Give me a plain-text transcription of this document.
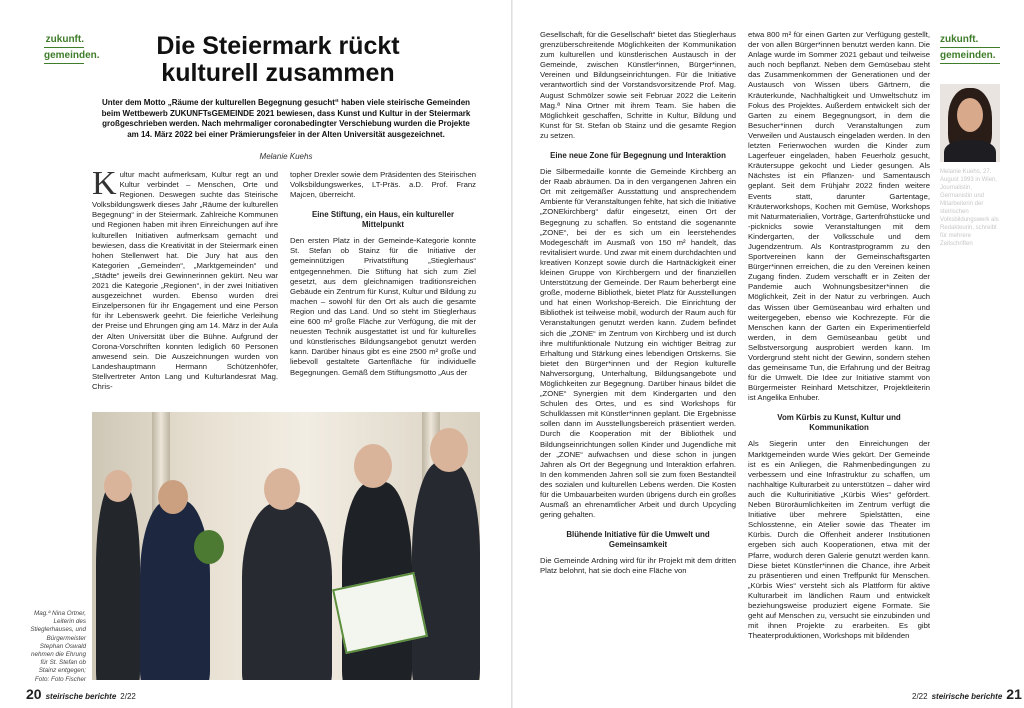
zukunft.
gemeinden.
zukunft.
gemeinden.
Die Steiermark rückt kulturell zusammen

Unter dem Motto „Räume der kulturellen Begegnung gesucht“ haben viele steirische Gemeinden beim Wettbewerb ZUKUNFTsGEMEINDE 2021 bewiesen, dass Kunst und Kultur in der Steiermark großgeschrieben werden. Nach mehrmaliger coronabedingter Verschiebung wurden die Projekte am 14. März 2022 bei einer Prämierungsfeier in der Alten Universität ausgezeichnet.

Melanie Kuehs

Kultur macht aufmerksam, Kultur regt an und Kultur verbindet – Menschen, Orte und Regionen. Deswegen suchte das Steirische Volksbildungswerk dieses Jahr „Räume der kulturellen Begegnung“ in der Steiermark. Zahlreiche Kommunen und Regionen haben mit ihren Einreichungen auf ihre kulturellen Initiativen aufmerksam gemacht und bewiesen, dass die Kreativität in der Steiermark einen hohen Stellenwert hat. Die Jury hat aus den Kategorien „Gemeinden“, „Marktgemeinden“ und „Städte“ jeweils drei Gewinnerinnen gekürt. Neu war 2021 die Kategorie „Regionen“, in der zwei Initiativen ausgezeichnet wurden. Ebenso wurden drei Einzelpersonen für ihr Engagement und eine Person für ihr Lebenswerk geehrt. Die feierliche Verleihung der Preise und Ehrungen ging am 14. März in der Aula der Alten Universität über die Bühne. Aufgrund der Corona-Vorschriften konnten lediglich 60 Personen anwesend sein. Die Auszeichnungen wurden von Landeshauptmann Hermann Schützenhöfer, Stellvertreter Anton Lang und Kulturlandesrat Mag. Chris-

topher Drexler sowie dem Präsidenten des Steirischen Volksbildungswerkes, LT-Präs. a.D. Prof. Franz Majcen, überreicht.

Eine Stiftung, ein Haus, ein kultureller Mittelpunkt

Den ersten Platz in der Gemeinde-Kategorie konnte St. Stefan ob Stainz für die Initiative der gemeinnützigen Privatstiftung „Stieglerhaus“ entgegennehmen. Die Stiftung hat sich zum Ziel gesetzt, aus dem gleichnamigen traditionsreichen Gebäude ein Zentrum für Kunst, Kultur und Bildung zu machen – sowohl für den Ort als auch die gesamte Region und das Land. Und so steht im Stieglerhaus eine 600 m² große Fläche zur Verfügung, die mit der neuesten Technik ausgestattet ist und für kulturelles und künstlerisches Bildungsangebot genutzt werden kann. Darüber hinaus gibt es eine 2500 m² große und liebevoll gestaltete Gartenfläche für individuelle Begegnungen. Gemäß dem Stiftungsmotto „Aus der

Mag.ª Nina Ortner, Leiterin des Stieglerhauses, und Bürgermeister Stephan Oswald nehmen die Ehrung für St. Stefan ob Stainz entgegen; Foto: Foto Fischer

Gesellschaft, für die Gesellschaft“ bietet das Stieglerhaus grenzüberschreitende Möglichkeiten der Kommunikation zum kulturellen und künstlerischen Austausch in der Gemeinde, zwischen Künstler*innen, Bürger*innen, Vereinen und Bildungseinrichtungen. Für die Initiative verantwortlich sind der Vorstandsvorsitzende Prof. Mag. August Schmölzer sowie seit Februar 2022 die Leiterin Mag.ª Nina Ortner mit ihrem Team. Sie haben die Möglichkeit geschaffen, Schritte in Kultur, Bildung und Kunst für St. Stefan ob Stainz und die gesamte Region zu setzen.

Eine neue Zone für Begegnung und Interaktion

Die Silbermedaille konnte die Gemeinde Kirchberg an der Raab abräumen. Da in den vergangenen Jahren ein Ort mit zeitgemäßer Ausstattung und ansprechendem Ambiente für Veranstaltungen fehlte, hat sich die Initiative „ZONEkirchberg“ dafür eingesetzt, einen Ort der Begegnung zu schaffen. So entstand die sogenannte „ZONE“, bei der es sich um ein leerstehendes Modegeschäft im Ausmaß von 150 m² handelt, das revitalisiert wurde. Und zwar mit einem durchdachten und kreativen Konzept sowie durch die Hartnäckigkeit einer kleinen Gruppe von Kirchbergern und der finanziellen Unterstützung der Gemeinde. Der Raum beherbergt eine große, moderne Bibliothek, bietet Platz für Ausstellungen und hat einen Workshop-Bereich. Die Einrichtung der Bibliothek ist teilweise mobil, wodurch der Raum auch für Veranstaltungen genutzt werden kann. Zudem befindet sich die „ZONE“ im Zentrum von Kirchberg und ist durch ihre multifunktionale Nutzung ein wichtiger Beitrag zur Erhaltung und Stärkung eines lebendigen Ortskerns. Sie bietet den Bürger*innen und der Region kulturelle Nahversorgung, Unterhaltung, Bildungsangebote und Möglichkeiten zur Begegnung. Darüber hinaus bildet die „ZONE“ Synergien mit dem Kindergarten und den Schulen des Ortes, und es sind Workshops für Schulklassen mit Künstler*innen geplant. Die Ergebnisse sollen dann im Ausstellungsbereich präsentiert werden. Durch die Kooperation mit der Bibliothek und Bildungseinrichtungen sollen Kinder und Jugendliche mit der „ZONE“ aufwachsen und diese schon in jungen Jahren als Ort der Begegnung und Interaktion erfahren. In den kommenden Jahren soll sie zum fixen Bestandteil des sozialen und kulturellen Lebens werden. Die Kosten für die Umbauarbeiten wurden übrigens durch ein großes Ausmaß an ehrenamtlicher Arbeit und durch Upcycling gering gehalten.

Blühende Initiative für die Umwelt und Gemeinsamkeit

Die Gemeinde Ardning wird für ihr Projekt mit dem dritten Platz belohnt, hat sie doch eine Fläche von

etwa 800 m² für einen Garten zur Verfügung gestellt, der von allen Bürger*innen benutzt werden kann. Die Anlage wurde im Sommer 2021 gebaut und teilweise auch noch bepflanzt. Neben dem Gemüsebau steht das Zusammenkommen der Generationen und der Austausch von Wissen übers Gärtnern, die Kräuterkunde, Nachhaltigkeit und Umweltschutz im Fokus des Projektes. Außerdem entwickelt sich der Garten zu einem Begegnungsort, in dem die Besucher*innen durch Veranstaltungen zum Verweilen und Austausch eingeladen werden. In den letzten Ferienwochen wurden die Kinder zum Lagerfeuer eingeladen, haben Feuerholz gesucht, Kräutersuppe gekocht und Lieder gesungen. Als Nächstes ist ein Pflanzen- und Samentausch geplant. Seit dem Frühjahr 2022 finden weitere Events statt, darunter Gartentage, Kräuterworkshops, Kochen mit Gemüse, Workshops mit Naturmaterialien, Vorträge, Gartenfrühstücke und -picknicks sowie Veranstaltungen mit dem Kindergarten, der Volksschule und dem Jugendzentrum. Als Kontrastprogramm zu den Sportvereinen kann der Gemeinschaftsgarten Bürger*innen erreichen, die zu den Vereinen keinen Zugang finden. Zudem verschafft er in Zeiten der Pandemie auch Wohnungsbesitzer*innen die Möglichkeit, Zeit in der Natur zu verbringen. Auch das Wissen über Gemüseanbau wird erhalten und weitergegeben, ebenso wie Kochrezepte. Für die Menschen kann der Garten ein Experimentierfeld werden, in dem Gemüseanbau geübt und Selbstversorgung ausprobiert werden kann. Im Vordergrund steht nicht der Gewinn, sondern stehen das gemeinsame Tun, die Erfahrung und der Beitrag für die Umwelt. Die Idee zur Initiative stammt von Bürgermeister Reinhard Metschitzer, Projektleiterin ist Angelika Enhuber.

Vom Kürbis zu Kunst, Kultur und Kommunikation

Als Siegerin unter den Einreichungen der Marktgemeinden wurde Wies gekürt. Der Gemeinde ist es ein Anliegen, die Rahmenbedingungen zu verbessern und eine Infrastruktur zu schaffen, um nachhaltige Kulturarbeit zu unterstützen – daher wird auch die Kulturinitiative „Kürbis Wies“ gefördert. Neben Büroräumlichkeiten im Zentrum verfügt die Initiative über mehrere Spielstätten, eine Schlosstenne, ein Atelier sowie das Theater im Kürbis. Durch die Offenheit anderer Institutionen ergeben sich auch Kooperationen, etwa mit der Pfarre, wodurch deren Galerie genutzt werden kann. Diese bietet Künstler*innen die Chance, ihre Arbeit zu präsentieren und einen Treffpunkt für Menschen. „Kürbis Wies“ versteht sich als Plattform für aktive Kulturarbeit im ländlichen Raum und entwickelt beziehungsweise produziert eigene Formate. Sie geht auf Menschen zu, versucht sie einzubinden und mit ihnen Projekte zu erarbeiten. Es gibt Theaterproduktionen, Workshops mit bildenden

Melanie Kuehs, 27. August 1993 in Wien, Journalistin, Germanistin und Mitarbeiterin der steirischen Volksbildungswerk als Redakteurin, schreibt für mehrere Zeitschriften

20 steirische berichte 2/22	2/22 steirische berichte 21
